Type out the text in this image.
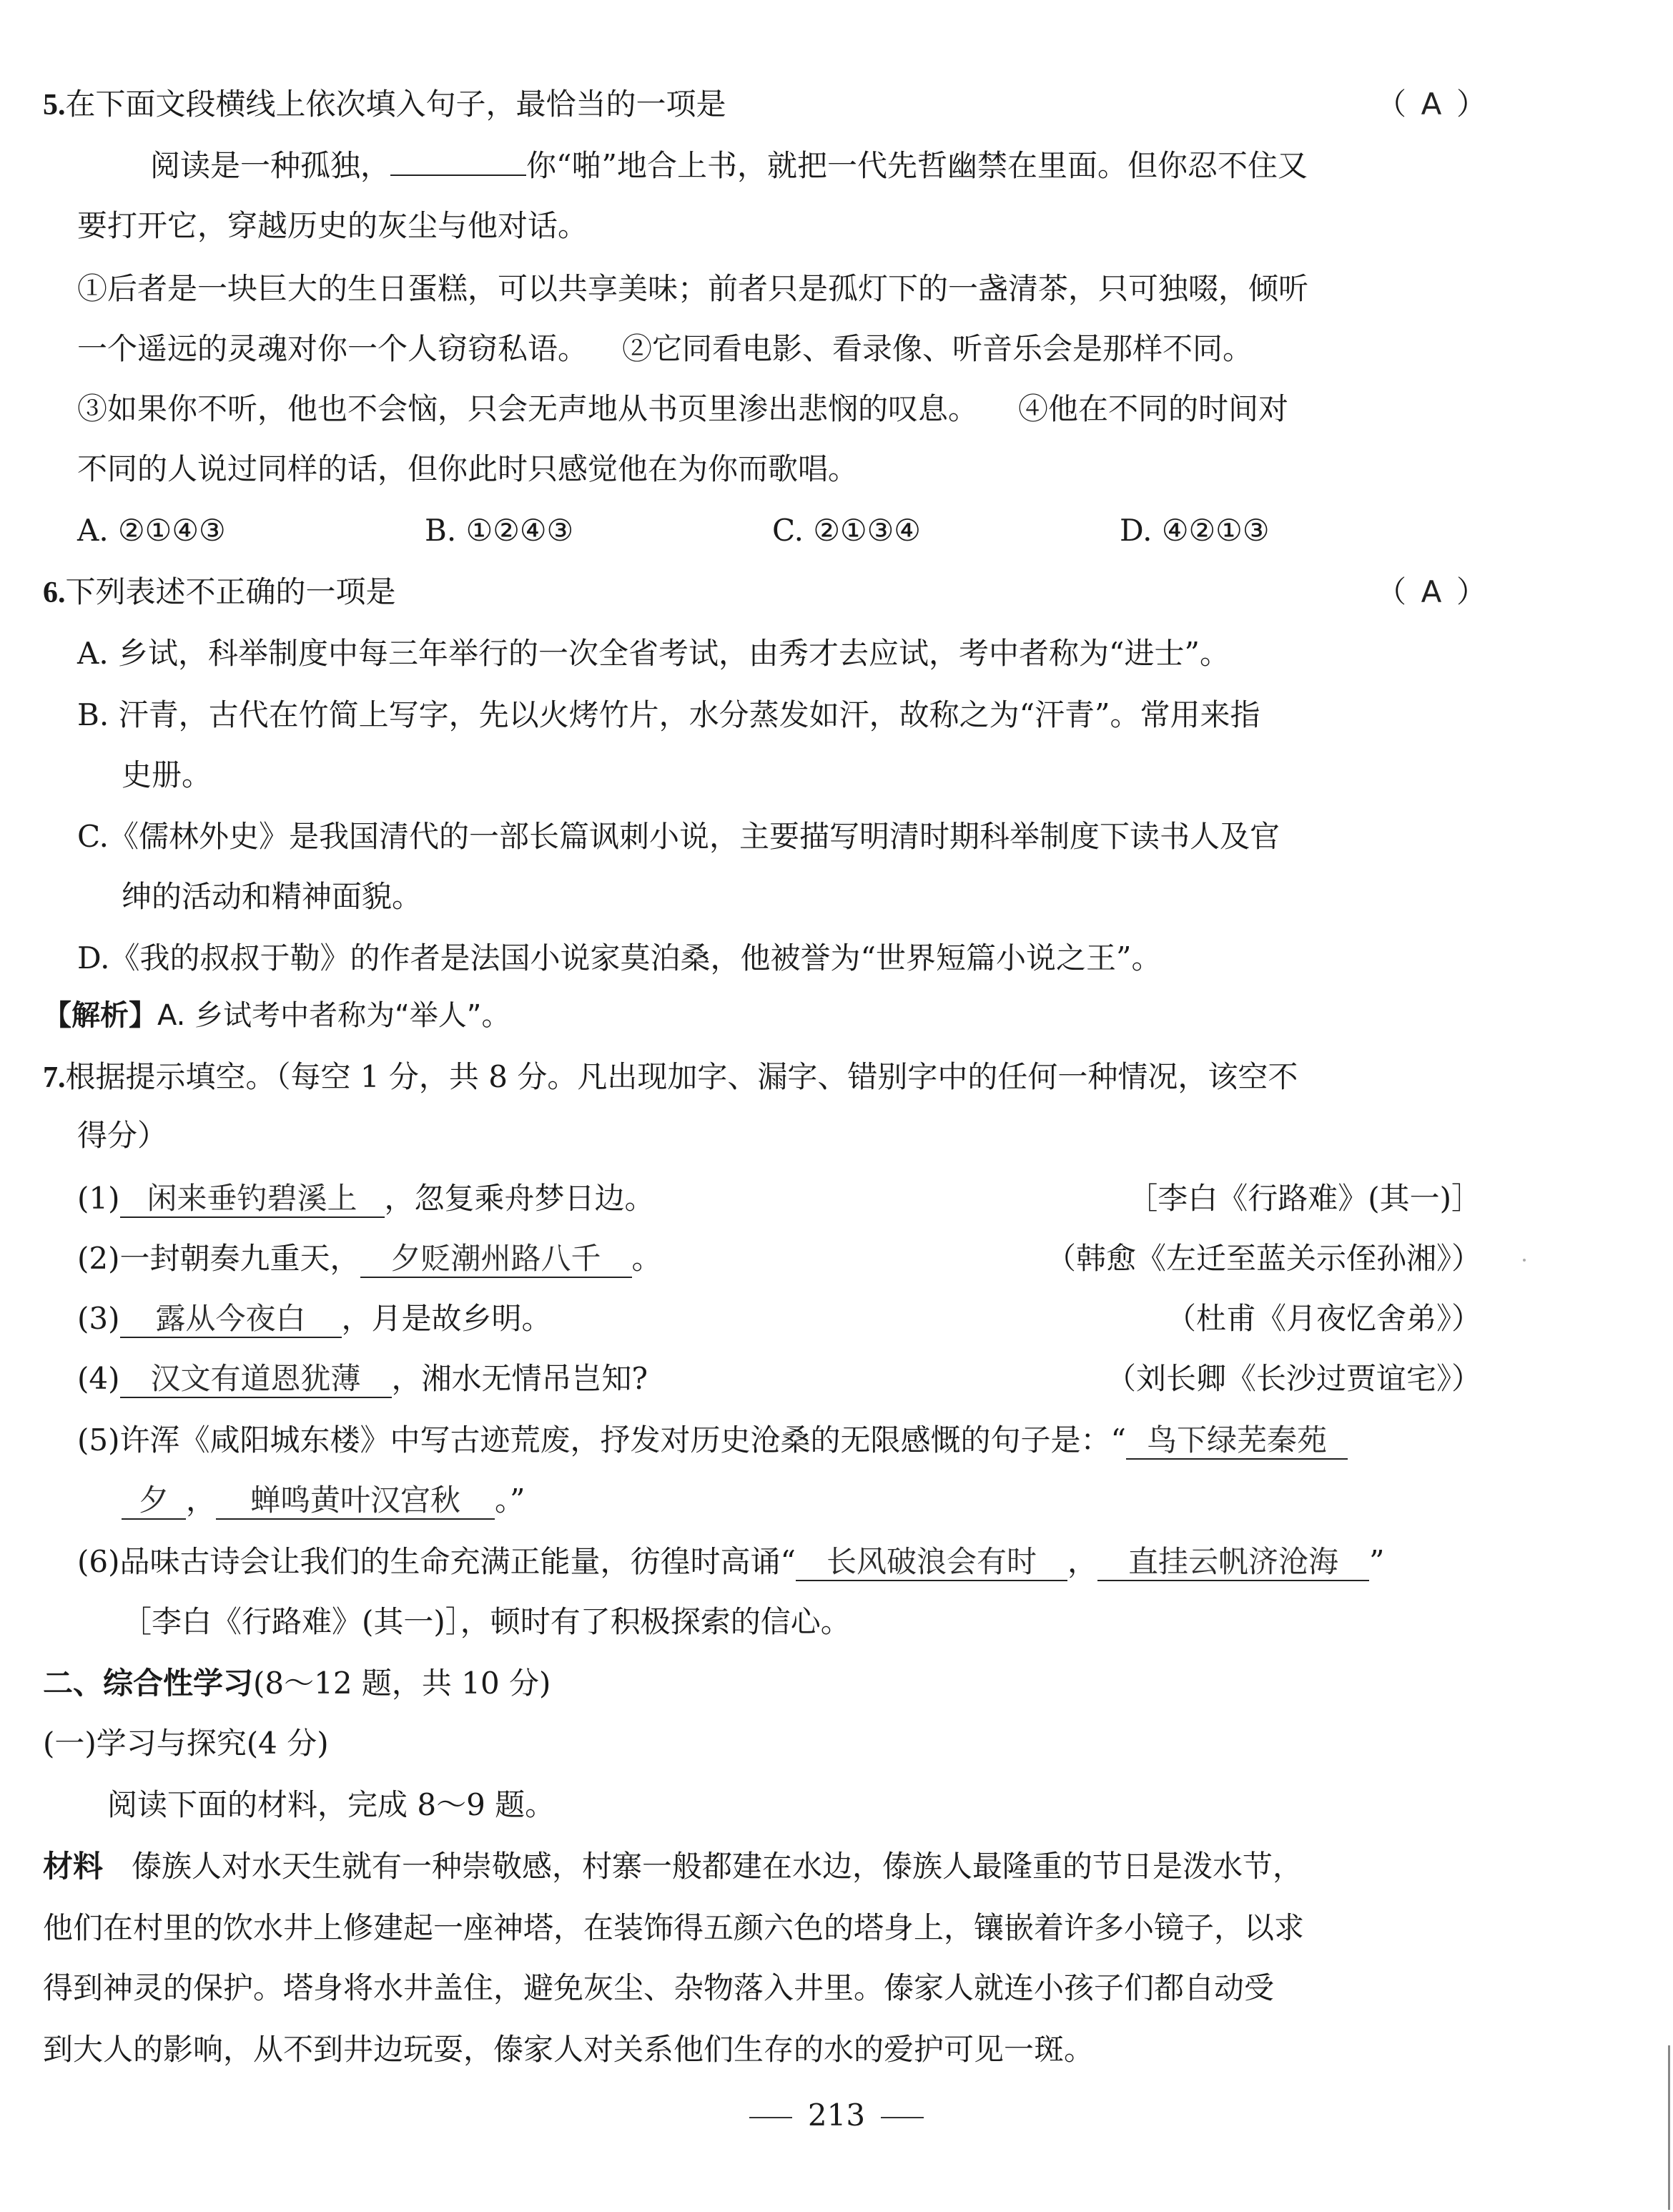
5.在下面文段横线上依次填入句子，最恰当的一项是	（ A ）
阅读是一种孤独，	你“啪”地合上书，就把一代先哲幽禁在里面。但你忍不住又
要打开它，穿越历史的灰尘与他对话。
①后者是一块巨大的生日蛋糕，可以共享美味；前者只是孤灯下的一盏清茶，只可独啜，倾听
一个遥远的灵魂对你一个人窃窃私语。 ②它同看电影、看录像、听音乐会是那样不同。
③如果你不听，他也不会恼，只会无声地从书页里渗出悲悯的叹息。 ④他在不同的时间对
不同的人说过同样的话，但你此时只感觉他在为你而歌唱。
A. ②①④③	B. ①②④③	C. ②①③④	D. ④②①③
6.下列表述不正确的一项是	（ A ）
A. 乡试，科举制度中每三年举行的一次全省考试，由秀才去应试，考中者称为“进士”。
B. 汗青，古代在竹简上写字，先以火烤竹片，水分蒸发如汗，故称之为“汗青”。常用来指
史册。
C.《儒林外史》是我国清代的一部长篇讽刺小说，主要描写明清时期科举制度下读书人及官
绅的活动和精神面貌。
D.《我的叔叔于勒》的作者是法国小说家莫泊桑，他被誉为“世界短篇小说之王”。
【解析】A. 乡试考中者称为“举人”。
7.根据提示填空。（每空 1 分，共 8 分。凡出现加字、漏字、错别字中的任何一种情况，该空不
得分）
(1) 闲来垂钓碧溪上 ，忽复乘舟梦日边。	［李白《行路难》(其一)］
(2)一封朝奏九重天， 夕贬潮州路八千 。	（韩愈《左迁至蓝关示侄孙湘》）
(3) 露从今夜白 ，月是故乡明。	（杜甫《月夜忆舍弟》）
(4) 汉文有道恩犹薄 ，湘水无情吊岂知?	（刘长卿《长沙过贾谊宅》）
(5)许浑《咸阳城东楼》中写古迹荒废，抒发对历史沧桑的无限感慨的句子是：“ 鸟下绿芜秦苑
夕 ， 蝉鸣黄叶汉宫秋 。”
(6)品味古诗会让我们的生命充满正能量，彷徨时高诵“ 长风破浪会有时 ， 直挂云帆济沧海 ”
［李白《行路难》(其一)］，顿时有了积极探索的信心。
二、综合性学习(8～12 题，共 10 分)
(一)学习与探究(4 分)
阅读下面的材料，完成 8～9 题。
材料 傣族人对水天生就有一种崇敬感，村寨一般都建在水边，傣族人最隆重的节日是泼水节，
他们在村里的饮水井上修建起一座神塔，在装饰得五颜六色的塔身上，镶嵌着许多小镜子，以求
得到神灵的保护。塔身将水井盖住，避免灰尘、杂物落入井里。傣家人就连小孩子们都自动受
到大人的影响，从不到井边玩耍，傣家人对关系他们生存的水的爱护可见一斑。
213
